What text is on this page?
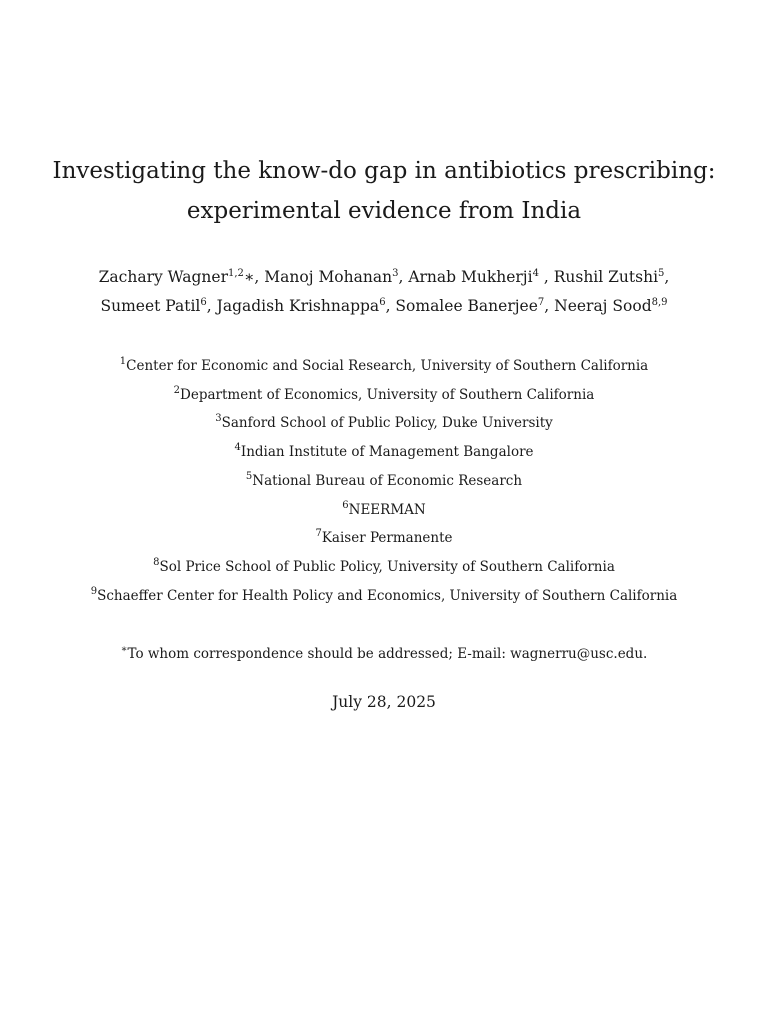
Investigating the know-do gap in antibiotics prescribing:
experimental evidence from India
Zachary Wagner$^{1,2}$∗, Manoj Mohanan$^3$, Arnab Mukherji$^4$ , Rushil Zutshi$^5$,
Sumeet Patil$^6$, Jagadish Krishnappa$^6$, Somalee Banerjee$^7$, Neeraj Sood$^{8,9}$
$^1$Center for Economic and Social Research, University of Southern California
$^2$Department of Economics, University of Southern California
$^3$Sanford School of Public Policy, Duke University
$^4$Indian Institute of Management Bangalore
$^5$National Bureau of Economic Research
$^6$NEERMAN
$^7$Kaiser Permanente
$^8$Sol Price School of Public Policy, University of Southern California
$^9$Schaeffer Center for Health Policy and Economics, University of Southern California
∗To whom correspondence should be addressed; E-mail: wagnerru@usc.edu.
July 28, 2025
